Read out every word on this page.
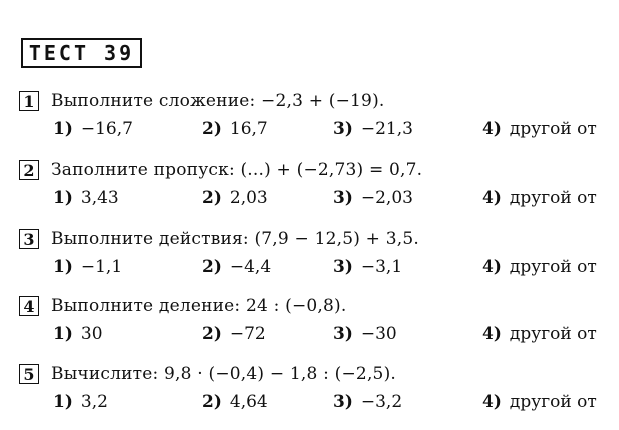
ТЕСТ 39
1 Выполните сложение: −2,3 + (−19).
1) −16,7	2) 16,7	3) −21,3	4) другой от
2 Заполните пропуск: (...) + (−2,73) = 0,7.
1) 3,43	2) 2,03	3) −2,03	4) другой от
3 Выполните действия: (7,9 − 12,5) + 3,5.
1) −1,1	2) −4,4	3) −3,1	4) другой от
4 Выполните деление: 24 : (−0,8).
1) 30	2) −72	3) −30	4) другой от
5 Вычислите: 9,8 · (−0,4) − 1,8 : (−2,5).
1) 3,2	2) 4,64	3) −3,2	4) другой от
